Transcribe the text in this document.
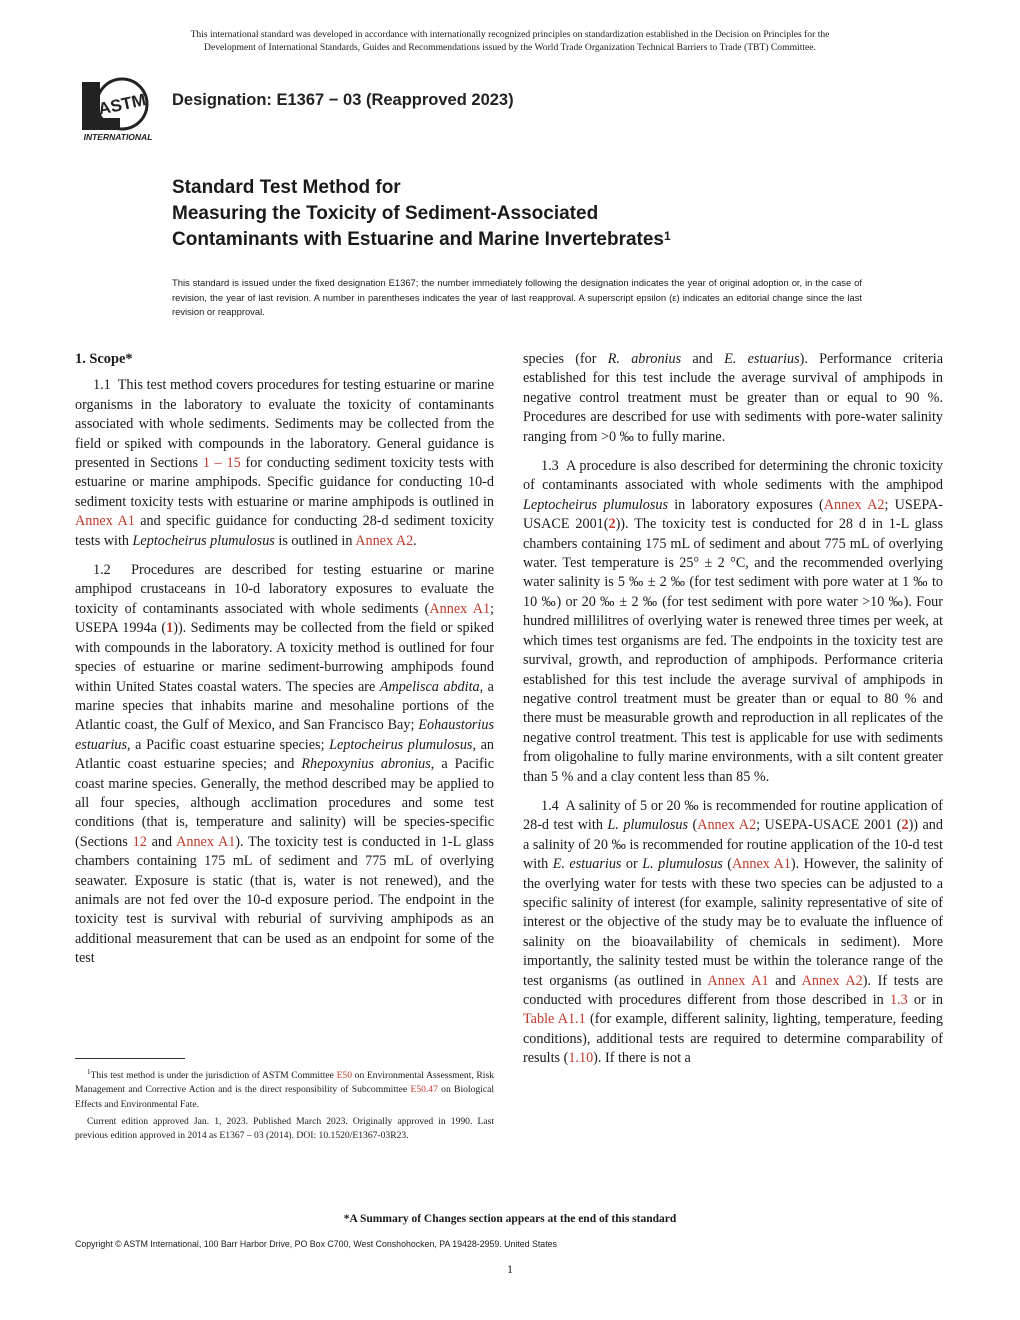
This international standard was developed in accordance with internationally recognized principles on standardization established in the Decision on Principles for the
Development of International Standards, Guides and Recommendations issued by the World Trade Organization Technical Barriers to Trade (TBT) Committee.
ASTM
INTERNATIONAL
Designation: E1367 − 03 (Reapproved 2023)
Standard Test Method for
Measuring the Toxicity of Sediment-Associated
Contaminants with Estuarine and Marine Invertebrates$^1$
This standard is issued under the fixed designation E1367; the number immediately following the designation indicates the year of original adoption or, in the case of revision, the year of last revision. A number in parentheses indicates the year of last reapproval. A superscript epsilon (ε) indicates an editorial change since the last revision or reapproval.
1. Scope*

1.1 This test method covers procedures for testing estuarine or marine organisms in the laboratory to evaluate the toxicity of contaminants associated with whole sediments. Sediments may be collected from the field or spiked with compounds in the laboratory. General guidance is presented in Sections 1 – 15 for conducting sediment toxicity tests with estuarine or marine amphipods. Specific guidance for conducting 10-d sediment toxicity tests with estuarine or marine amphipods is outlined in Annex A1 and specific guidance for conducting 28-d sediment toxicity tests with Leptocheirus plumulosus is outlined in Annex A2.

1.2 Procedures are described for testing estuarine or marine amphipod crustaceans in 10-d laboratory exposures to evaluate the toxicity of contaminants associated with whole sediments (Annex A1; USEPA 1994a (1)). Sediments may be collected from the field or spiked with compounds in the laboratory. A toxicity method is outlined for four species of estuarine or marine sediment-burrowing amphipods found within United States coastal waters. The species are Ampelisca abdita, a marine species that inhabits marine and mesohaline portions of the Atlantic coast, the Gulf of Mexico, and San Francisco Bay; Eohaustorius estuarius, a Pacific coast estuarine species; Leptocheirus plumulosus, an Atlantic coast estuarine species; and Rhepoxynius abronius, a Pacific coast marine species. Generally, the method described may be applied to all four species, although acclimation procedures and some test conditions (that is, temperature and salinity) will be species-specific (Sections 12 and Annex A1). The toxicity test is conducted in 1-L glass chambers containing 175 mL of sediment and 775 mL of overlying seawater. Exposure is static (that is, water is not renewed), and the animals are not fed over the 10-d exposure period. The endpoint in the toxicity test is survival with reburial of surviving amphipods as an additional measurement that can be used as an endpoint for some of the test

$^1$This test method is under the jurisdiction of ASTM Committee E50 on Environmental Assessment, Risk Management and Corrective Action and is the direct responsibility of Subcommittee E50.47 on Biological Effects and Environmental Fate.

Current edition approved Jan. 1, 2023. Published March 2023. Originally approved in 1990. Last previous edition approved in 2014 as E1367 – 03 (2014). DOI: 10.1520/E1367-03R23.

species (for R. abronius and E. estuarius). Performance criteria established for this test include the average survival of amphipods in negative control treatment must be greater than or equal to 90 %. Procedures are described for use with sediments with pore-water salinity ranging from >0 ‰ to fully marine.

1.3 A procedure is also described for determining the chronic toxicity of contaminants associated with whole sediments with the amphipod Leptocheirus plumulosus in laboratory exposures (Annex A2; USEPA-USACE 2001(2)). The toxicity test is conducted for 28 d in 1-L glass chambers containing 175 mL of sediment and about 775 mL of overlying water. Test temperature is 25° ± 2 °C, and the recommended overlying water salinity is 5 ‰ ± 2 ‰ (for test sediment with pore water at 1 ‰ to 10 ‰) or 20 ‰ ± 2 ‰ (for test sediment with pore water >10 ‰). Four hundred millilitres of overlying water is renewed three times per week, at which times test organisms are fed. The endpoints in the toxicity test are survival, growth, and reproduction of amphipods. Performance criteria established for this test include the average survival of amphipods in negative control treatment must be greater than or equal to 80 % and there must be measurable growth and reproduction in all replicates of the negative control treatment. This test is applicable for use with sediments from oligohaline to fully marine environments, with a silt content greater than 5 % and a clay content less than 85 %.

1.4 A salinity of 5 or 20 ‰ is recommended for routine application of 28-d test with L. plumulosus (Annex A2; USEPA-USACE 2001 (2)) and a salinity of 20 ‰ is recommended for routine application of the 10-d test with E. estuarius or L. plumulosus (Annex A1). However, the salinity of the overlying water for tests with these two species can be adjusted to a specific salinity of interest (for example, salinity representative of site of interest or the objective of the study may be to evaluate the influence of salinity on the bioavailability of chemicals in sediment). More importantly, the salinity tested must be within the tolerance range of the test organisms (as outlined in Annex A1 and Annex A2). If tests are conducted with procedures different from those described in 1.3 or in Table A1.1 (for example, different salinity, lighting, temperature, feeding conditions), additional tests are required to determine comparability of results (1.10). If there is not a

*A Summary of Changes section appears at the end of this standard
Copyright © ASTM International, 100 Barr Harbor Drive, PO Box C700, West Conshohocken, PA 19428-2959. United States
1
